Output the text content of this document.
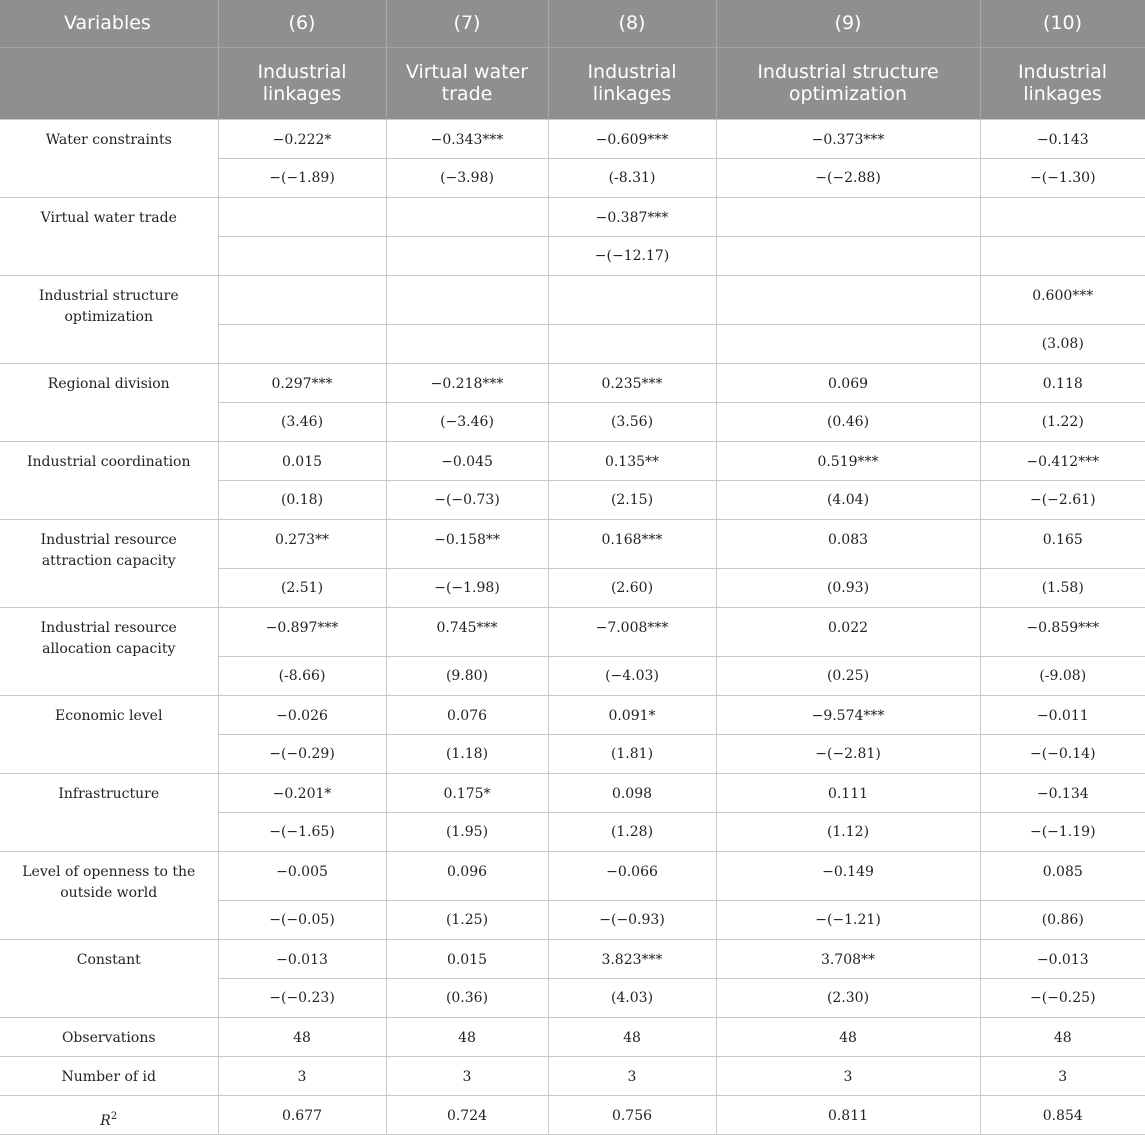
Variables	(6)	(7)	(8)	(9)	(10)
	Industrial linkages	Virtual water trade	Industrial linkages	Industrial structure optimization	Industrial linkages
Water constraints	−0.222*	−0.343***	−0.609***	−0.373***	−0.143
	−(−1.89)	(−3.98)	(-8.31)	−(−2.88)	−(−1.30)
Virtual water trade			−0.387***		
			−(−12.17)		
Industrial structure optimization					0.600***
					(3.08)
Regional division	0.297***	−0.218***	0.235***	0.069	0.118
	(3.46)	(−3.46)	(3.56)	(0.46)	(1.22)
Industrial coordination	0.015	−0.045	0.135**	0.519***	−0.412***
	(0.18)	−(−0.73)	(2.15)	(4.04)	−(−2.61)
Industrial resource attraction capacity	0.273**	−0.158**	0.168***	0.083	0.165
	(2.51)	−(−1.98)	(2.60)	(0.93)	(1.58)
Industrial resource allocation capacity	−0.897***	0.745***	−7.008***	0.022	−0.859***
	(-8.66)	(9.80)	(−4.03)	(0.25)	(-9.08)
Economic level	−0.026	0.076	0.091*	−9.574***	−0.011
	−(−0.29)	(1.18)	(1.81)	−(−2.81)	−(−0.14)
Infrastructure	−0.201*	0.175*	0.098	0.111	−0.134
	−(−1.65)	(1.95)	(1.28)	(1.12)	−(−1.19)
Level of openness to the outside world	−0.005	0.096	−0.066	−0.149	0.085
	−(−0.05)	(1.25)	−(−0.93)	−(−1.21)	(0.86)
Constant	−0.013	0.015	3.823***	3.708**	−0.013
	−(−0.23)	(0.36)	(4.03)	(2.30)	−(−0.25)
Observations	48	48	48	48	48
Number of id	3	3	3	3	3
$R^2$	0.677	0.724	0.756	0.811	0.854
